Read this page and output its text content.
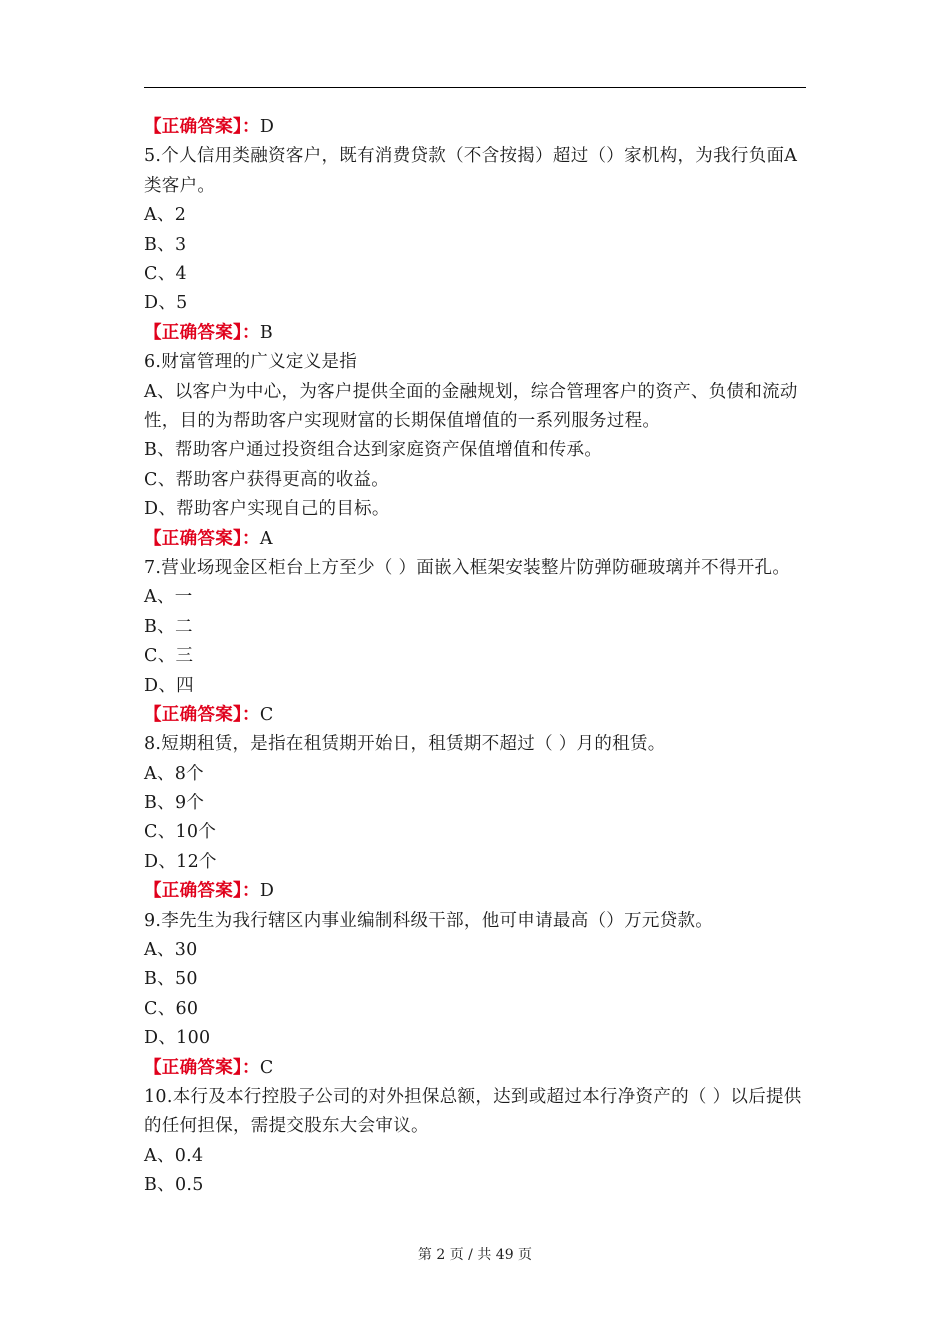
【正确答案】：D
5.个人信用类融资客户，既有消费贷款（不含按揭）超过（）家机构，为我行负面A类客户。
A、2
B、3
C、4
D、5
【正确答案】：B
6.财富管理的广义定义是指
A、以客户为中心，为客户提供全面的金融规划，综合管理客户的资产、负债和流动性，目的为帮助客户实现财富的长期保值增值的一系列服务过程。
B、帮助客户通过投资组合达到家庭资产保值增值和传承。
C、帮助客户获得更高的收益。
D、帮助客户实现自己的目标。
【正确答案】：A
7.营业场现金区柜台上方至少（ ）面嵌入框架安装整片防弹防砸玻璃并不得开孔。
A、一
B、二
C、三
D、四
【正确答案】：C
8.短期租赁，是指在租赁期开始日，租赁期不超过（ ）月的租赁。
A、8个
B、9个
C、10个
D、12个
【正确答案】：D
9.李先生为我行辖区内事业编制科级干部，他可申请最高（）万元贷款。
A、30
B、50
C、60
D、100
【正确答案】：C
10.本行及本行控股子公司的对外担保总额，达到或超过本行净资产的（ ）以后提供的任何担保，需提交股东大会审议。
A、0.4
B、0.5
第 2 页 / 共 49 页
